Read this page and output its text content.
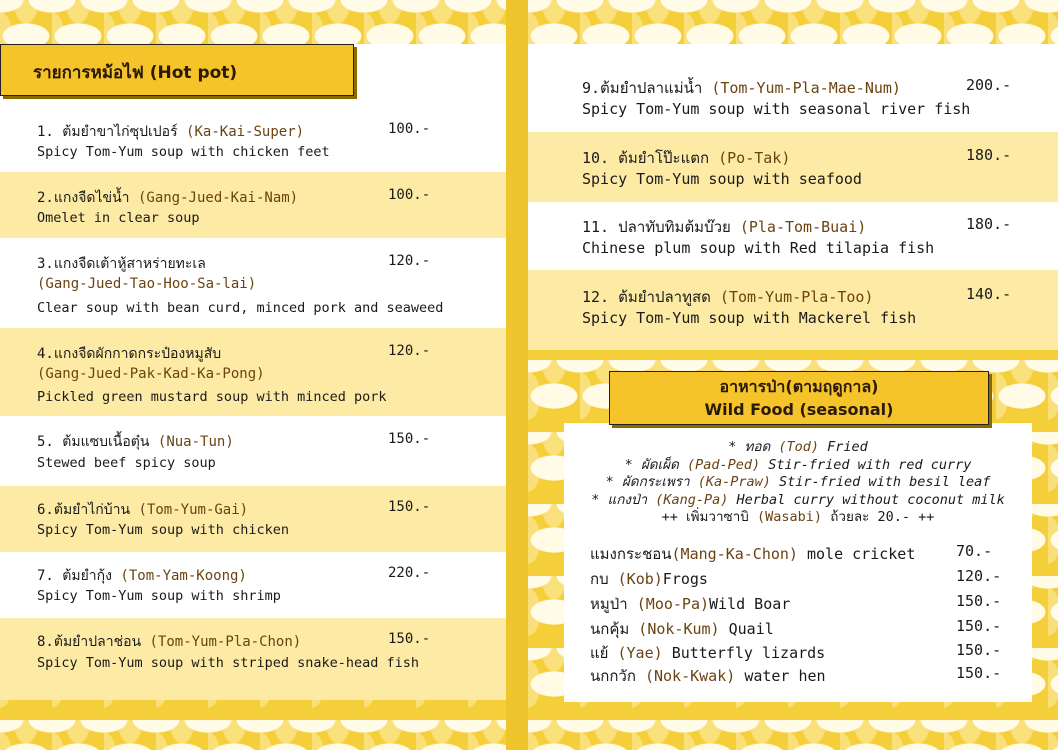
รายการหม้อไฟ (Hot pot)
1. ต้มยำขาไก่ซุปเปอร์ (Ka-Kai-Super)	100.-
Spicy Tom-Yum soup with chicken feet
2.แกงจืดไข่น้ำ (Gang-Jued-Kai-Nam)	100.-
Omelet in clear soup
3.แกงจืดเต้าหู้สาหร่ายทะเล	120.-
(Gang-Jued-Tao-Hoo-Sa-lai)
Clear soup with bean curd, minced pork and seaweed
4.แกงจืดผักกาดกระป๋องหมูสับ	120.-
(Gang-Jued-Pak-Kad-Ka-Pong)
Pickled green mustard soup with minced pork
5. ต้มแซบเนื้อตุ๋น (Nua-Tun)	150.-
Stewed beef spicy soup
6.ต้มยำไก่บ้าน (Tom-Yum-Gai)	150.-
Spicy Tom-Yum soup with chicken
7. ต้มยำกุ้ง (Tom-Yam-Koong)	220.-
Spicy Tom-Yum soup with shrimp
8.ต้มยำปลาช่อน (Tom-Yum-Pla-Chon)	150.-
Spicy Tom-Yum soup with striped snake-head fish
9.ต้มยำปลาแม่น้ำ (Tom-Yum-Pla-Mae-Num)	200.-
Spicy Tom-Yum soup with seasonal river fish
10. ต้มยำโป๊ะแตก (Po-Tak)	180.-
Spicy Tom-Yum soup with seafood
11. ปลาทับทิมต้มบ๊วย (Pla-Tom-Buai)	180.-
Chinese plum soup with Red tilapia fish
12. ต้มยำปลาทูสด (Tom-Yum-Pla-Too)	140.-
Spicy Tom-Yum soup with Mackerel fish
* ทอด (Tod) Fried
* ผัดเผ็ด (Pad-Ped) Stir-fried with red curry
* ผัดกระเพรา (Ka-Praw) Stir-fried with besil leaf
* แกงป่า (Kang-Pa) Herbal curry without coconut milk
++ เพิ่มวาซาบิ (Wasabi) ถ้วยละ 20.- ++
แมงกระชอน(Mang-Ka-Chon) mole cricket	70.-
กบ (Kob)Frogs	120.-
หมูป่า (Moo-Pa)Wild Boar	150.-
นกคุ้ม (Nok-Kum) Quail	150.-
แย้ (Yae) Butterfly lizards	150.-
นกกวัก (Nok-Kwak) water hen	150.-
อาหารป่า(ตามฤดูกาล)
Wild Food (seasonal)
